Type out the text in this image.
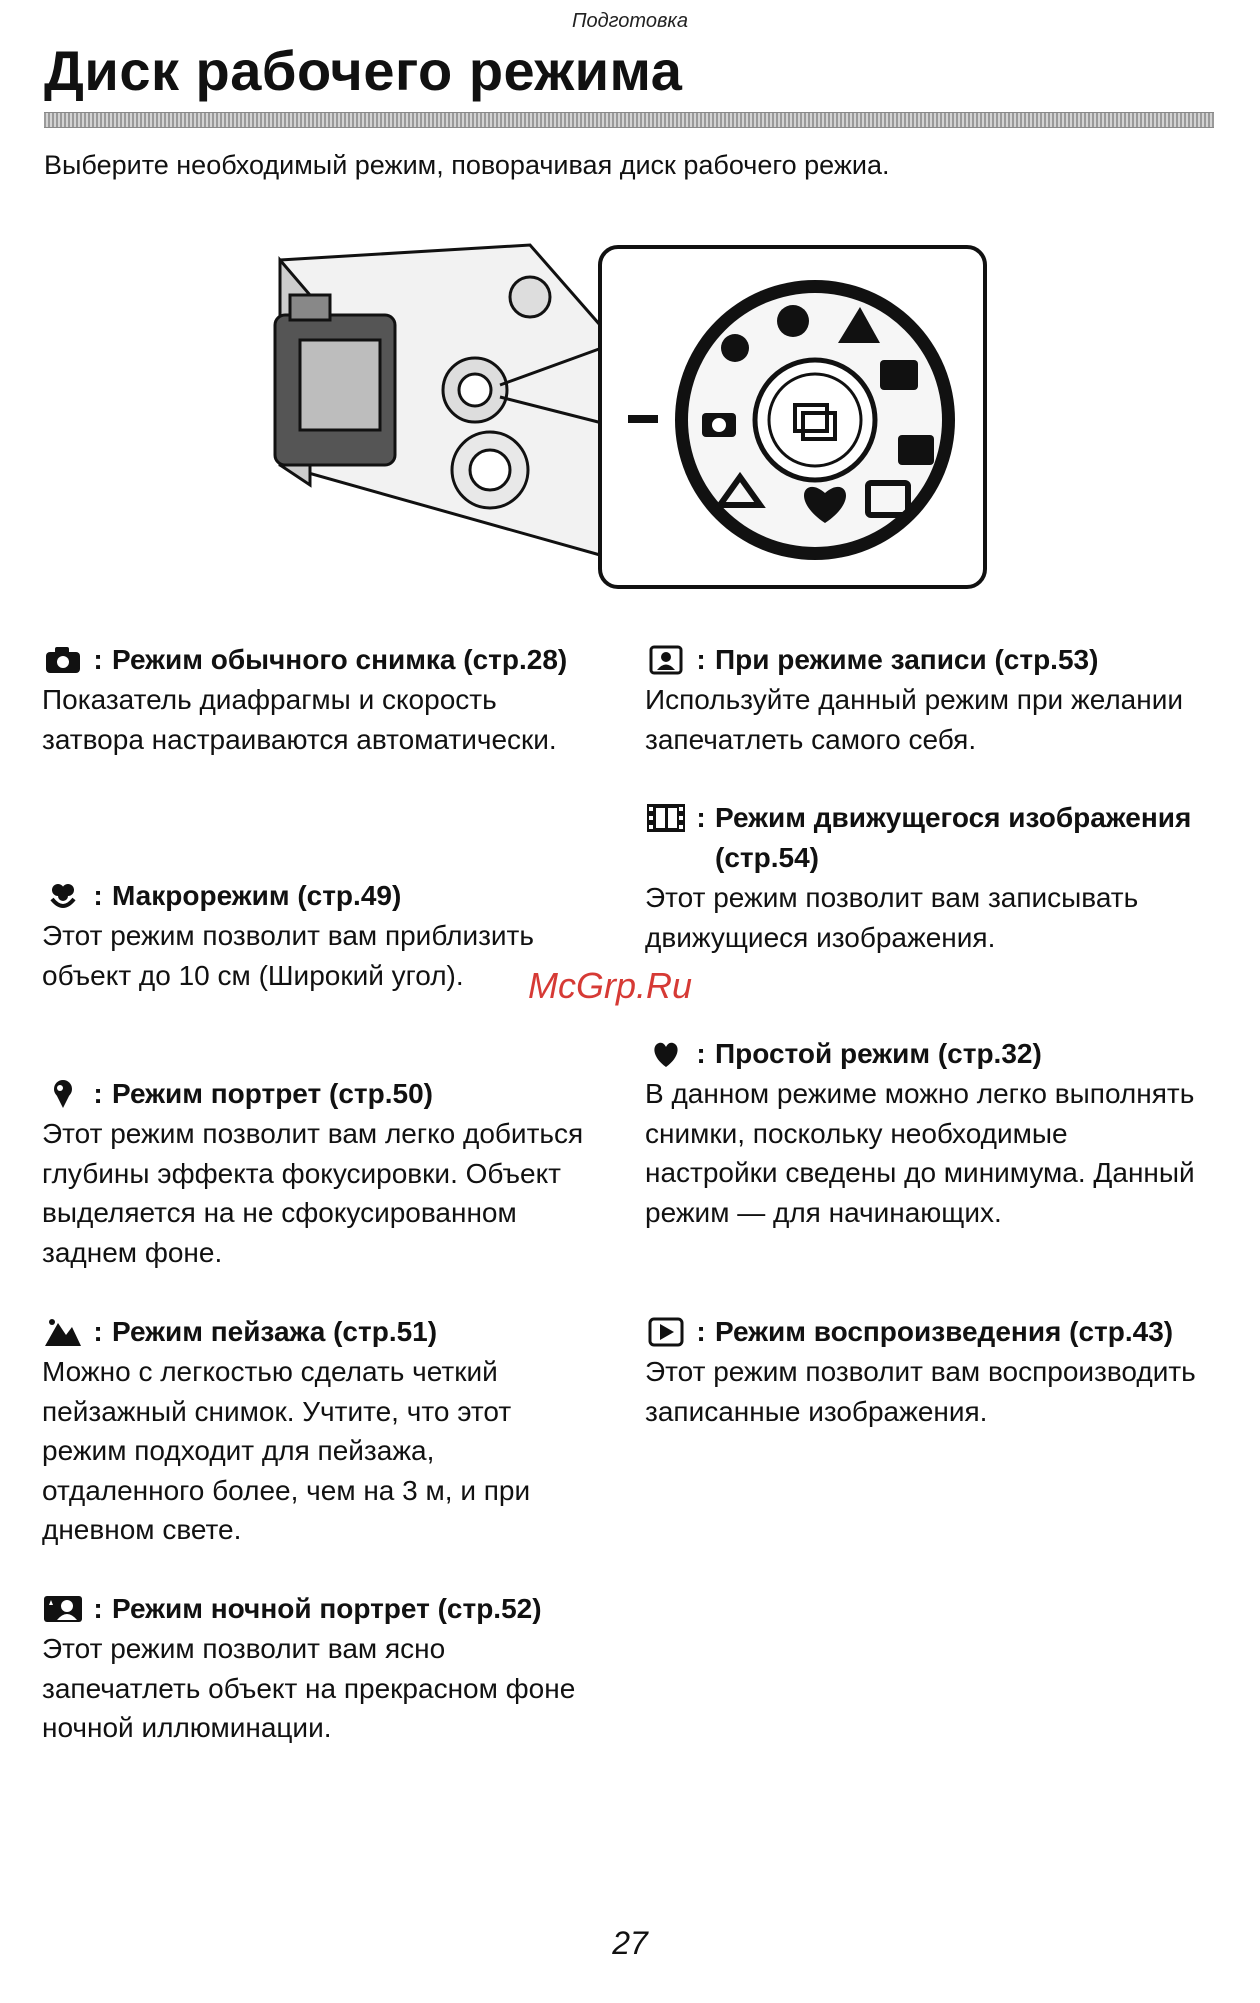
Подготовка
Диск рабочего режима
Выберите необходимый режим, поворачивая диск рабочего режиа.
: Режим обычного снимка (стр.28)
Показатель диафрагмы и скорость затвора настраиваются автоматически.
: Макрорежим (стр.49)
Этот режим позволит вам приблизить объект до 10 см (Широкий угол).
: Режим портрет (стр.50)
Этот режим позволит вам легко добиться глубины эффекта фокусировки. Объект выделяется на не сфокусированном заднем фоне.
: Режим пейзажа (стр.51)
Можно с легкостью сделать четкий пейзажный снимок. Учтите, что этот режим подходит для пейзажа, отдаленного более, чем на 3 м, и при дневном свете.
: Режим ночной портрет (стр.52)
Этот режим позволит вам ясно запечатлеть объект на прекрасном фоне ночной иллюминации.
: При режиме записи (стр.53)
Используйте данный режим при желании запечатлеть самого себя.
: Режим движущегося изображения (стр.54)
Этот режим позволит вам записывать движущиеся изображения.
: Простой режим (стр.32)
В данном режиме можно легко выполнять снимки, поскольку необходимые настройки сведены до минимума. Данный режим — для начинающих.
: Режим воспроизведения (стр.43)
Этот режим позволит вам воспроизводить записанные изображения.
McGrp.Ru
27
